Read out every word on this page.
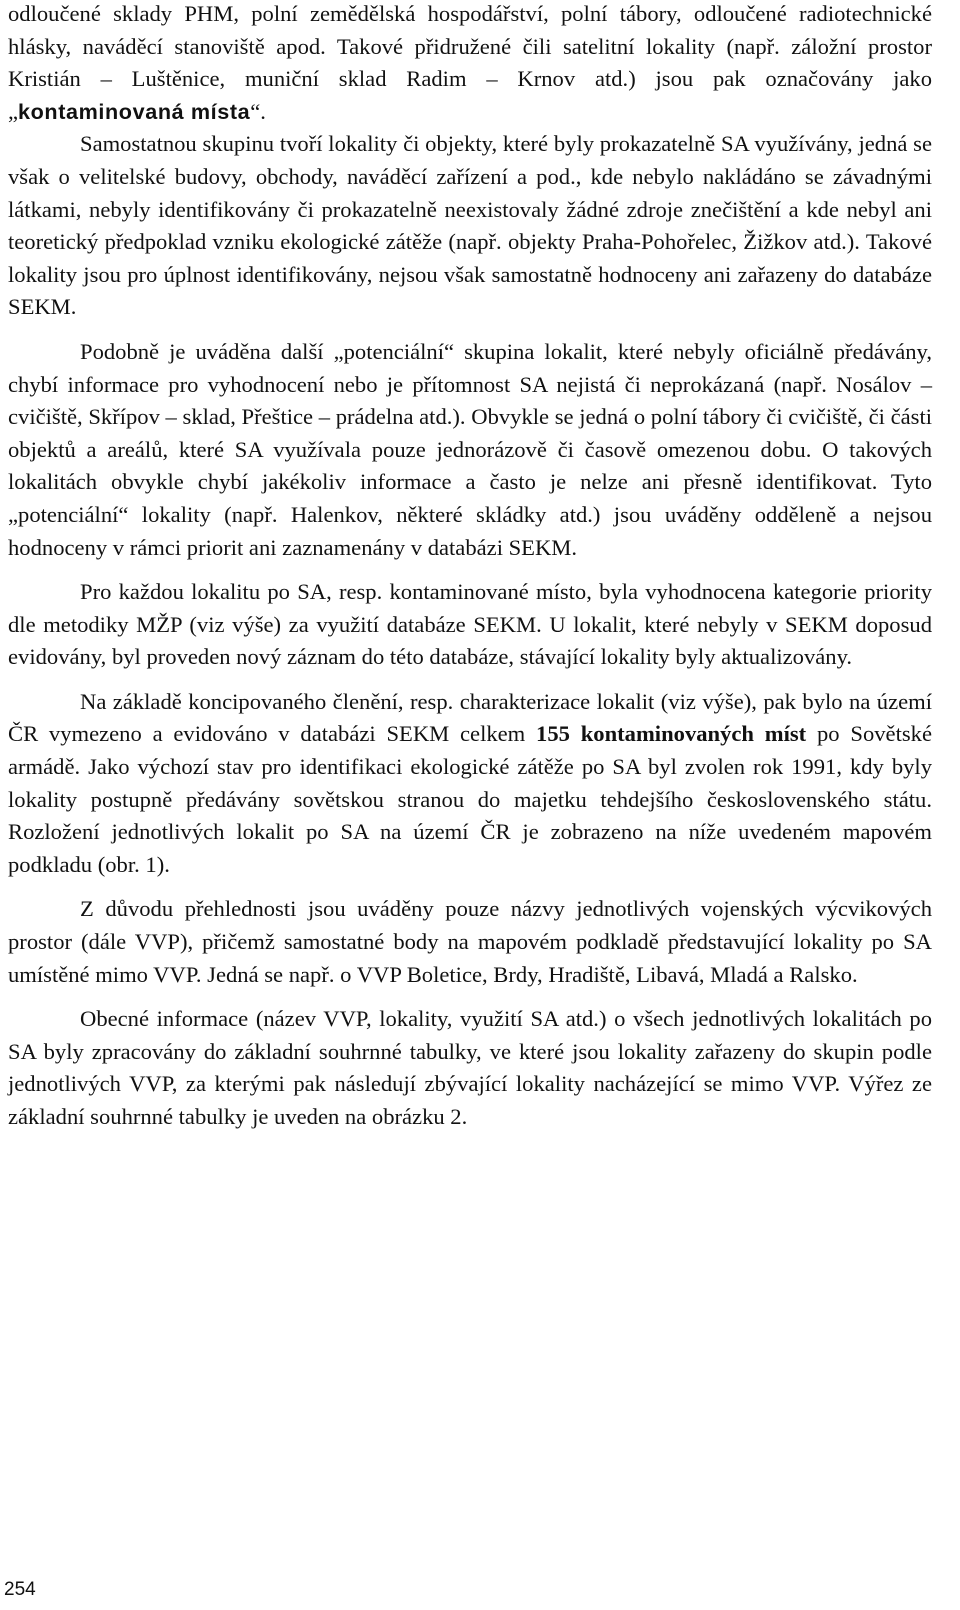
odloučené sklady PHM, polní zemědělská hospodářství, polní tábory, odloučené radiotechnické hlásky, naváděcí stanoviště apod. Takové přidružené čili satelitní lokality (např. záložní prostor Kristián – Luštěnice, muniční sklad Radim – Krnov atd.) jsou pak označovány jako „kontaminovaná místa“.

Samostatnou skupinu tvoří lokality či objekty, které byly prokazatelně SA využívány, jedná se však o velitelské budovy, obchody, naváděcí zařízení a pod., kde nebylo nakládáno se závadnými látkami, nebyly identifikovány či prokazatelně neexistovaly žádné zdroje znečištění a kde nebyl ani teoretický předpoklad vzniku ekologické zátěže (např. objekty Praha-Pohořelec, Žižkov atd.). Takové lokality jsou pro úplnost identifikovány, nejsou však samostatně hodnoceny ani zařazeny do databáze SEKM.

Podobně je uváděna další „potenciální“ skupina lokalit, které nebyly oficiálně předávány, chybí informace pro vyhodnocení nebo je přítomnost SA nejistá či neprokázaná (např. Nosálov – cvičiště, Skřípov – sklad, Přeštice – prádelna atd.). Obvykle se jedná o polní tábory či cvičiště, či části objektů a areálů, které SA využívala pouze jednorázově či časově omezenou dobu. O takových lokalitách obvykle chybí jakékoliv informace a často je nelze ani přesně identifikovat. Tyto „potenciální“ lokality (např. Halenkov, některé skládky atd.) jsou uváděny odděleně a nejsou hodnoceny v rámci priorit ani zaznamenány v databázi SEKM.

Pro každou lokalitu po SA, resp. kontaminované místo, byla vyhodnocena kategorie priority dle metodiky MŽP (viz výše) za využití databáze SEKM. U lokalit, které nebyly v SEKM doposud evidovány, byl proveden nový záznam do této databáze, stávající lokality byly aktualizovány.

Na základě koncipovaného členění, resp. charakterizace lokalit (viz výše), pak bylo na území ČR vymezeno a evidováno v databázi SEKM celkem 155 kontaminovaných míst po Sovětské armádě. Jako výchozí stav pro identifikaci ekologické zátěže po SA byl zvolen rok 1991, kdy byly lokality postupně předávány sovětskou stranou do majetku tehdejšího československého státu. Rozložení jednotlivých lokalit po SA na území ČR je zobrazeno na níže uvedeném mapovém podkladu (obr. 1).

Z důvodu přehlednosti jsou uváděny pouze názvy jednotlivých vojenských výcvikových prostor (dále VVP), přičemž samostatné body na mapovém podkladě představující lokality po SA umístěné mimo VVP. Jedná se např. o VVP Boletice, Brdy, Hradiště, Libavá, Mladá a Ralsko.

Obecné informace (název VVP, lokality, využití SA atd.) o všech jednotlivých lokalitách po SA byly zpracovány do základní souhrnné tabulky, ve které jsou lokality zařazeny do skupin podle jednotlivých VVP, za kterými pak následují zbývající lokality nacházející se mimo VVP. Výřez ze základní souhrnné tabulky je uveden na obrázku 2.

254
